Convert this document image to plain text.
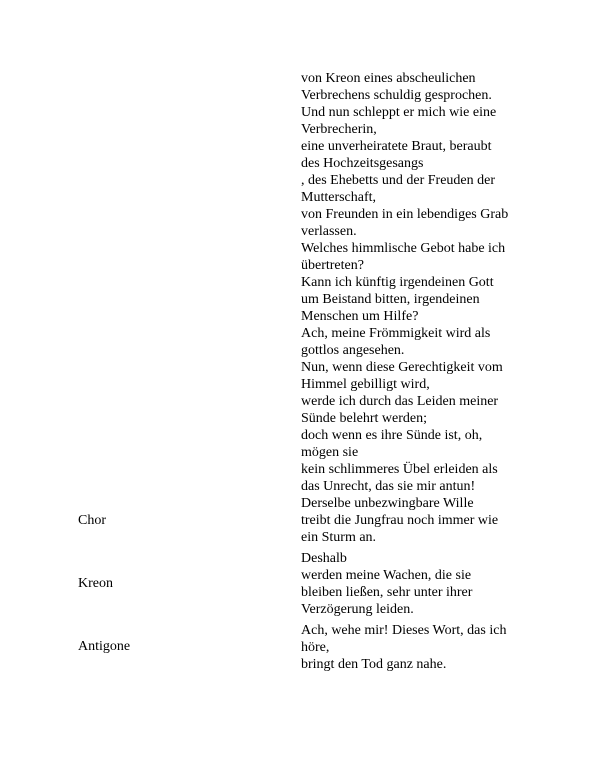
von Kreon eines abscheulichen
Verbrechens schuldig gesprochen.
Und nun schleppt er mich wie eine
Verbrecherin,
eine unverheiratete Braut, beraubt
des Hochzeitsgesangs
, des Ehebetts und der Freuden der
Mutterschaft,
von Freunden in ein lebendiges Grab
verlassen.
Welches himmlische Gebot habe ich
übertreten?
Kann ich künftig irgendeinen Gott
um Beistand bitten, irgendeinen
Menschen um Hilfe?
Ach, meine Frömmigkeit wird als
gottlos angesehen.
Nun, wenn diese Gerechtigkeit vom
Himmel gebilligt wird,
werde ich durch das Leiden meiner
Sünde belehrt werden;
doch wenn es ihre Sünde ist, oh,
mögen sie
kein schlimmeres Übel erleiden als
das Unrecht, das sie mir antun!
Chor
Derselbe unbezwingbare Wille
treibt die Jungfrau noch immer wie
ein Sturm an.
Kreon
Deshalb
werden meine Wachen, die sie
bleiben ließen, sehr unter ihrer
Verzögerung leiden.
Antigone
Ach, wehe mir! Dieses Wort, das ich
höre,
bringt den Tod ganz nahe.
